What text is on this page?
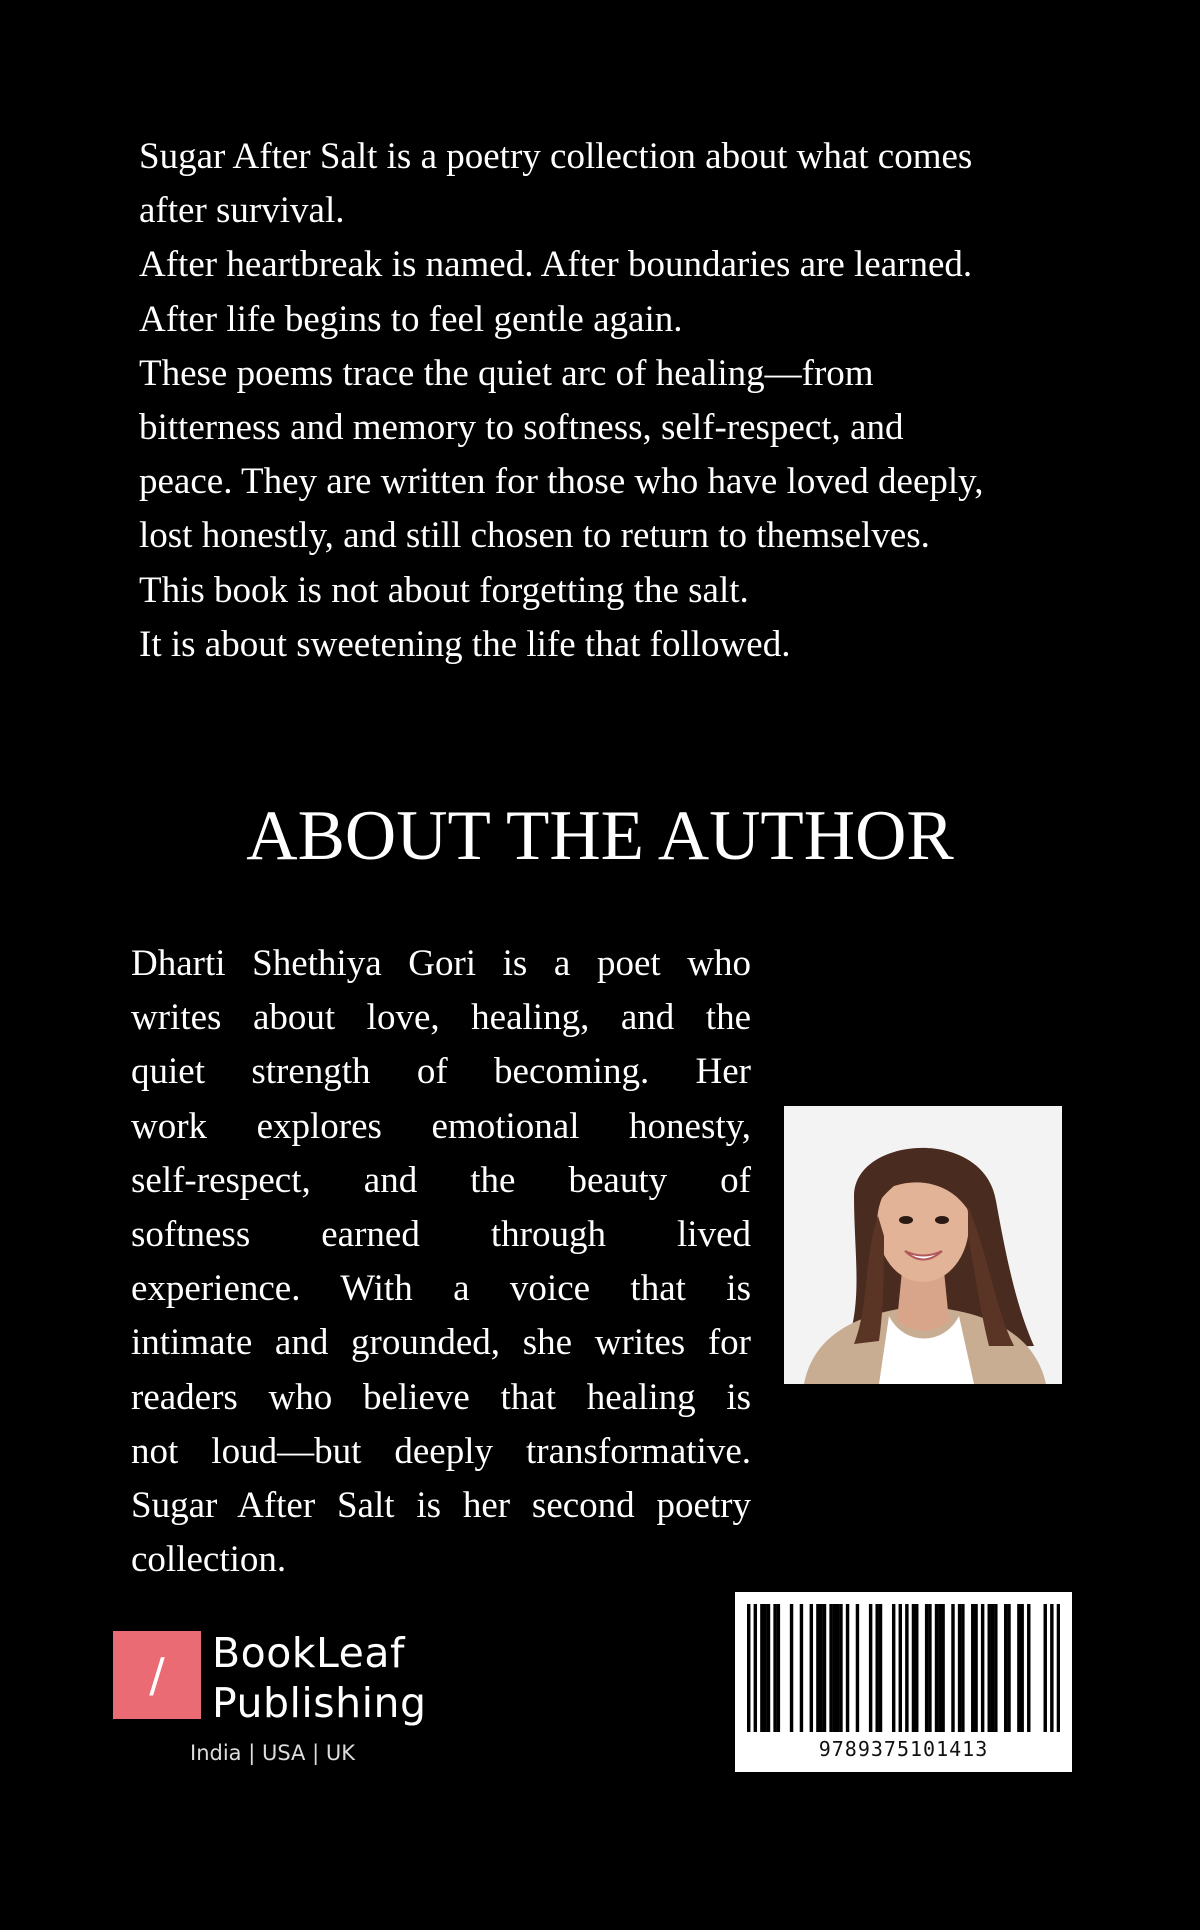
Sugar After Salt is a poetry collection about what comes
after survival.
After heartbreak is named. After boundaries are learned.
After life begins to feel gentle again.
These poems trace the quiet arc of healing—from
bitterness and memory to softness, self-respect, and
peace. They are written for those who have loved deeply,
lost honestly, and still chosen to return to themselves.
This book is not about forgetting the salt.
It is about sweetening the life that followed.
ABOUT THE AUTHOR
Dharti Shethiya Gori is a poet who
writes about love, healing, and the
quiet strength of becoming. Her
work explores emotional honesty,
self-respect, and the beauty of
softness earned through lived
experience. With a voice that is
intimate and grounded, she writes for
readers who believe that healing is
not loud—but deeply transformative.
Sugar After Salt is her second poetry
collection.
/	BookLeaf
Publishing
India | USA | UK	9789375101413
